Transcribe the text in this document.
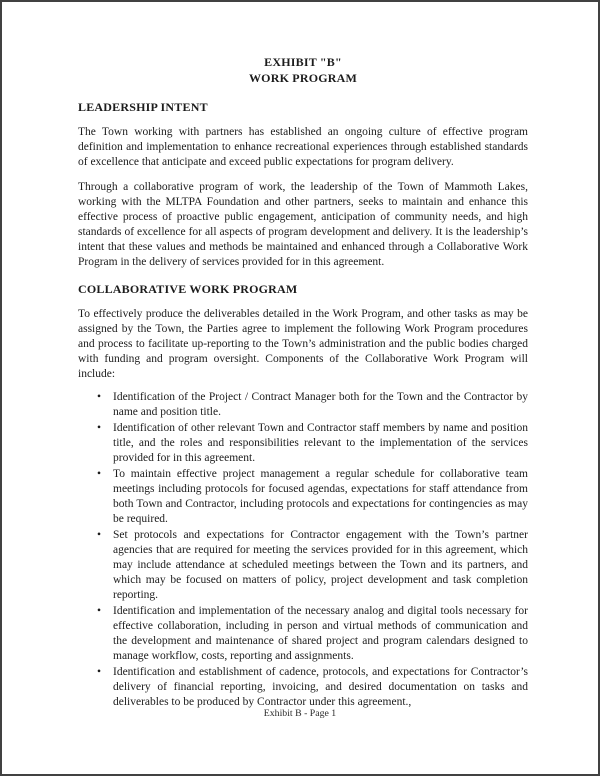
EXHIBIT "B"
WORK PROGRAM
LEADERSHIP INTENT

The Town working with partners has established an ongoing culture of effective program definition and implementation to enhance recreational experiences through established standards of excellence that anticipate and exceed public expectations for program delivery.

Through a collaborative program of work, the leadership of the Town of Mammoth Lakes, working with the MLTPA Foundation and other partners, seeks to maintain and enhance this effective process of proactive public engagement, anticipation of community needs, and high standards of excellence for all aspects of program development and delivery. It is the leadership’s intent that these values and methods be maintained and enhanced through a Collaborative Work Program in the delivery of services provided for in this agreement.

COLLABORATIVE WORK PROGRAM

To effectively produce the deliverables detailed in the Work Program, and other tasks as may be assigned by the Town, the Parties agree to implement the following Work Program procedures and process to facilitate up-reporting to the Town’s administration and the public bodies charged with funding and program oversight. Components of the Collaborative Work Program will include:

• Identification of the Project / Contract Manager both for the Town and the Contractor by name and position title.
• Identification of other relevant Town and Contractor staff members by name and position title, and the roles and responsibilities relevant to the implementation of the services provided for in this agreement.
• To maintain effective project management a regular schedule for collaborative team meetings including protocols for focused agendas, expectations for staff attendance from both Town and Contractor, including protocols and expectations for contingencies as may be required.
• Set protocols and expectations for Contractor engagement with the Town’s partner agencies that are required for meeting the services provided for in this agreement, which may include attendance at scheduled meetings between the Town and its partners, and which may be focused on matters of policy, project development and task completion reporting.
• Identification and implementation of the necessary analog and digital tools necessary for effective collaboration, including in person and virtual methods of communication and the development and maintenance of shared project and program calendars designed to manage workflow, costs, reporting and assignments.
• Identification and establishment of cadence, protocols, and expectations for Contractor’s delivery of financial reporting, invoicing, and desired documentation on tasks and deliverables to be produced by Contractor under this agreement.,
Exhibit B - Page 1
